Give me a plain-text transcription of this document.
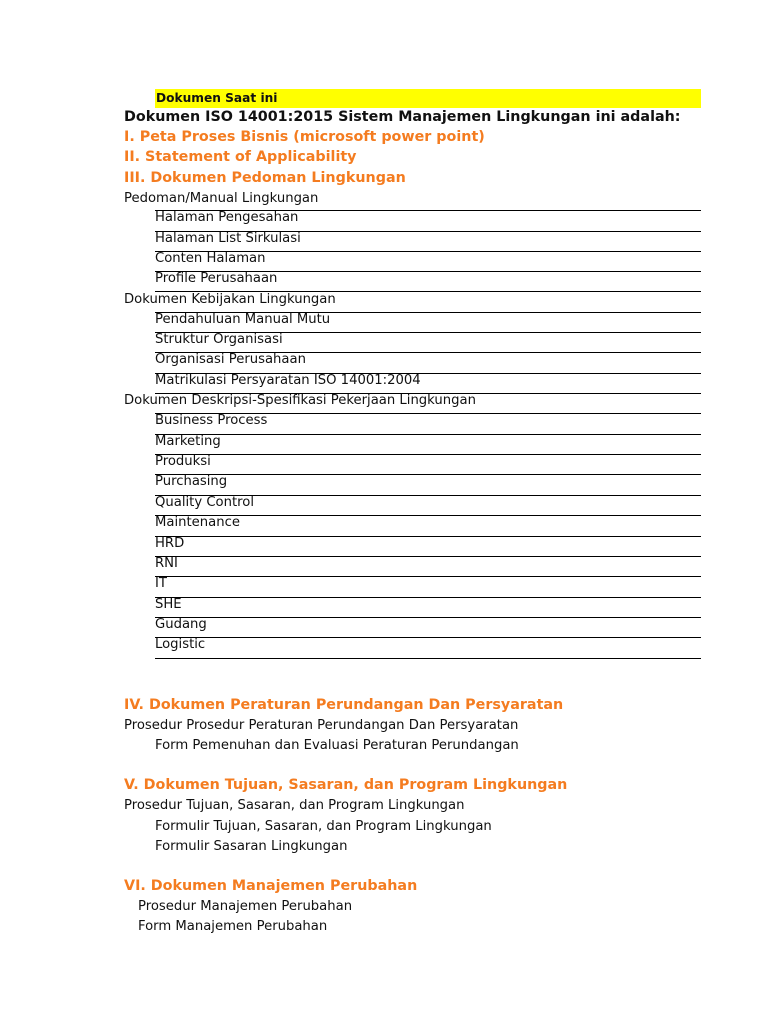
Dokumen Saat ini
Dokumen ISO 14001:2015 Sistem Manajemen Lingkungan ini adalah:
I. Peta Proses Bisnis (microsoft power point)
II. Statement of Applicability
III. Dokumen Pedoman Lingkungan
Pedoman/Manual Lingkungan
Halaman Pengesahan
Halaman List Sirkulasi
Conten Halaman
Profile Perusahaan
Dokumen Kebijakan Lingkungan
Pendahuluan Manual Mutu
Struktur Organisasi
Organisasi Perusahaan
Matrikulasi Persyaratan ISO 14001:2004
Dokumen Deskripsi-Spesifikasi Pekerjaan Lingkungan
Business Process
Marketing
Produksi
Purchasing
Quality Control
Maintenance
HRD
RNI
IT
SHE
Gudang
Logistic
IV. Dokumen Peraturan Perundangan Dan Persyaratan
Prosedur Prosedur Peraturan Perundangan Dan Persyaratan
Form Pemenuhan dan Evaluasi Peraturan Perundangan
V. Dokumen Tujuan, Sasaran, dan Program Lingkungan
Prosedur Tujuan, Sasaran, dan Program Lingkungan
Formulir Tujuan, Sasaran, dan Program Lingkungan
Formulir Sasaran Lingkungan
VI. Dokumen Manajemen Perubahan
Prosedur Manajemen Perubahan
Form Manajemen Perubahan
